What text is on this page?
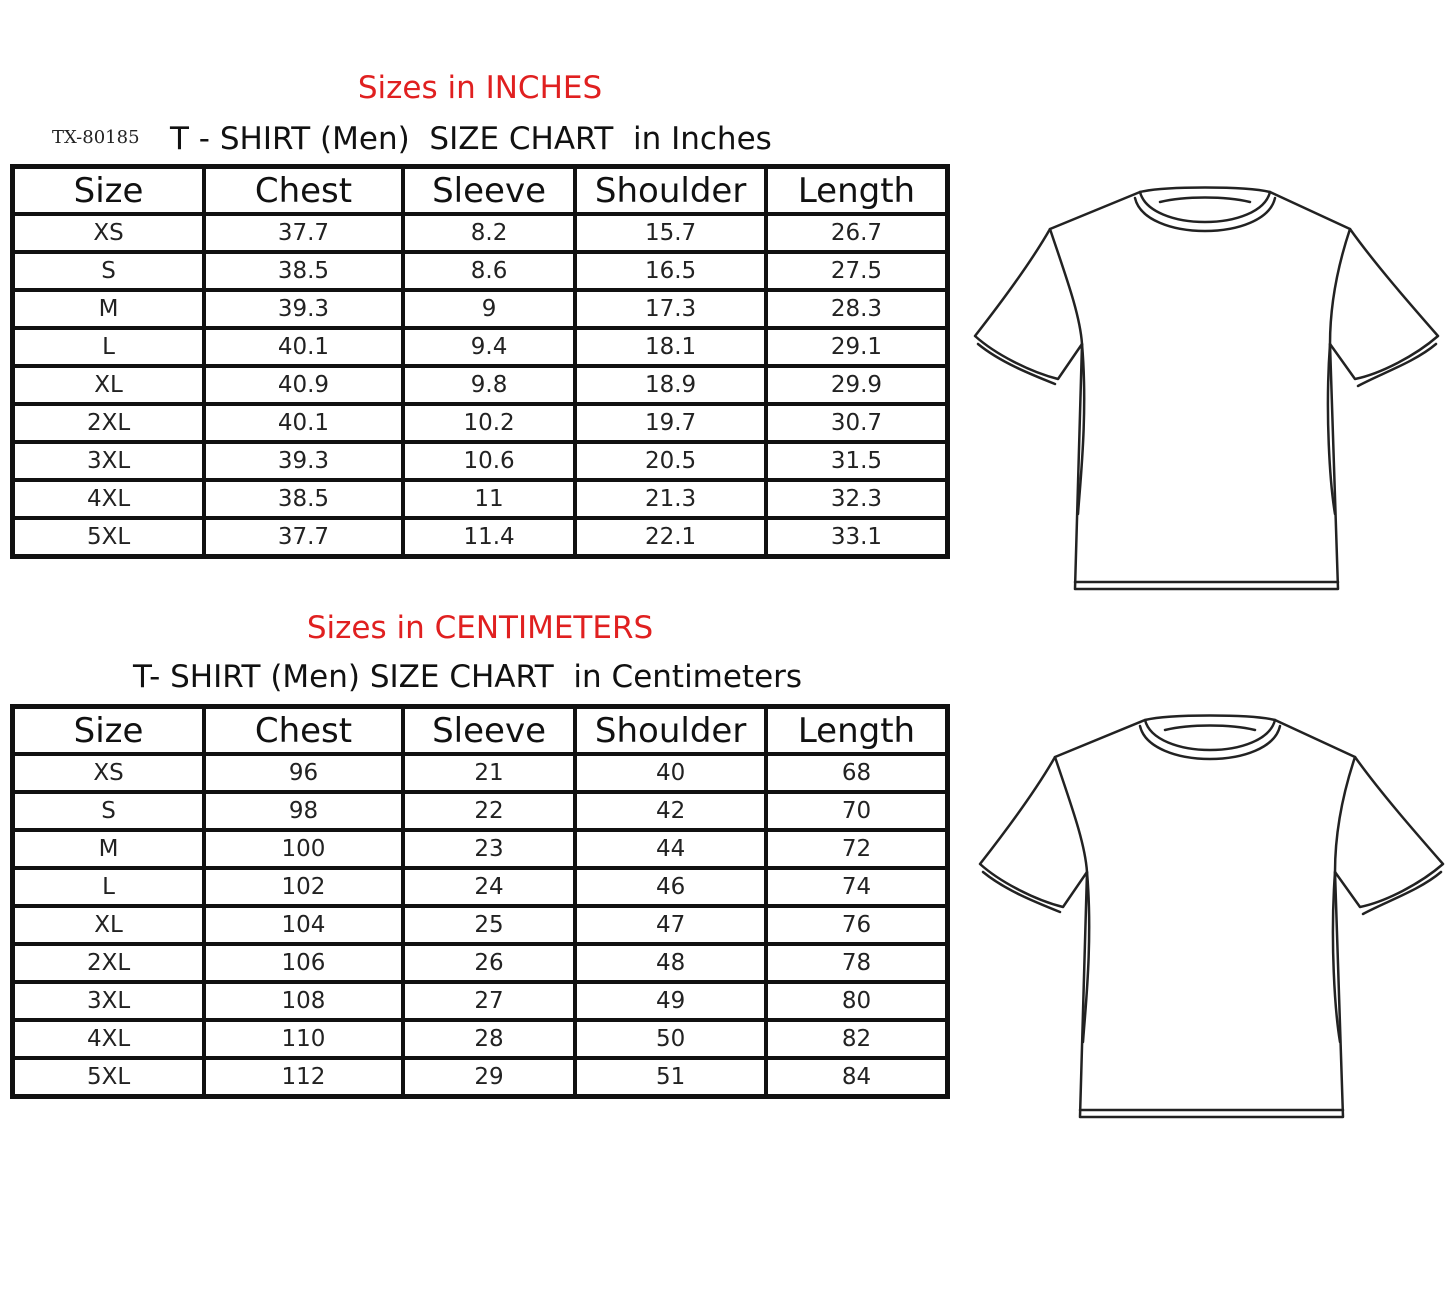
Sizes in INCHES
TX-80185 T - SHIRT (Men)  SIZE CHART  in Inches
Size	Chest	Sleeve	Shoulder	Length
XS	37.7	8.2	15.7	26.7
S	38.5	8.6	16.5	27.5
M	39.3	9	17.3	28.3
L	40.1	9.4	18.1	29.1
XL	40.9	9.8	18.9	29.9
2XL	40.1	10.2	19.7	30.7
3XL	39.3	10.6	20.5	31.5
4XL	38.5	11	21.3	32.3
5XL	37.7	11.4	22.1	33.1
Sizes in CENTIMETERS
T- SHIRT (Men) SIZE CHART  in Centimeters
Size	Chest	Sleeve	Shoulder	Length
XS	96	21	40	68
S	98	22	42	70
M	100	23	44	72
L	102	24	46	74
XL	104	25	47	76
2XL	106	26	48	78
3XL	108	27	49	80
4XL	110	28	50	82
5XL	112	29	51	84
